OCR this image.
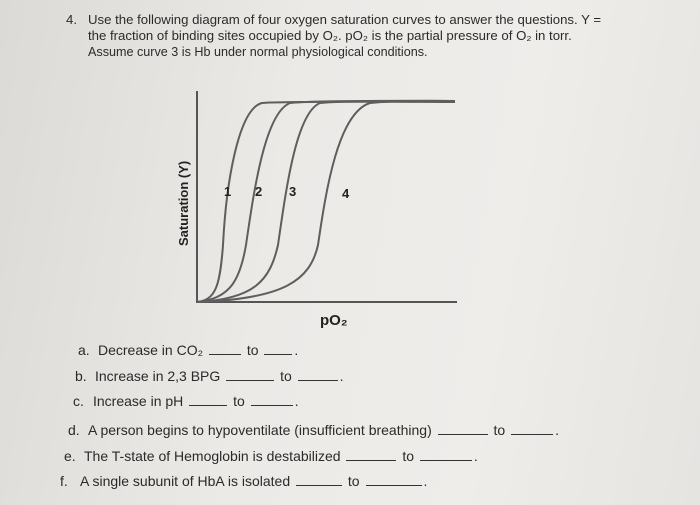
4. Use the following diagram of four oxygen saturation curves to answer the questions. Y =
the fraction of binding sites occupied by O₂. pO₂ is the partial pressure of O₂ in torr.
Assume curve 3 is Hb under normal physiological conditions.
Saturation (Y)	1 2 3	4
pO₂
a. Decrease in CO₂	to	.
b. Increase in 2,3 BPG	to	.
c. Increase in pH	to	.
d. A person begins to hypoventilate (insufficient breathing)	to	.
e. The T-state of Hemoglobin is destabilized	to	.
f. A single subunit of HbA is isolated	to	.
